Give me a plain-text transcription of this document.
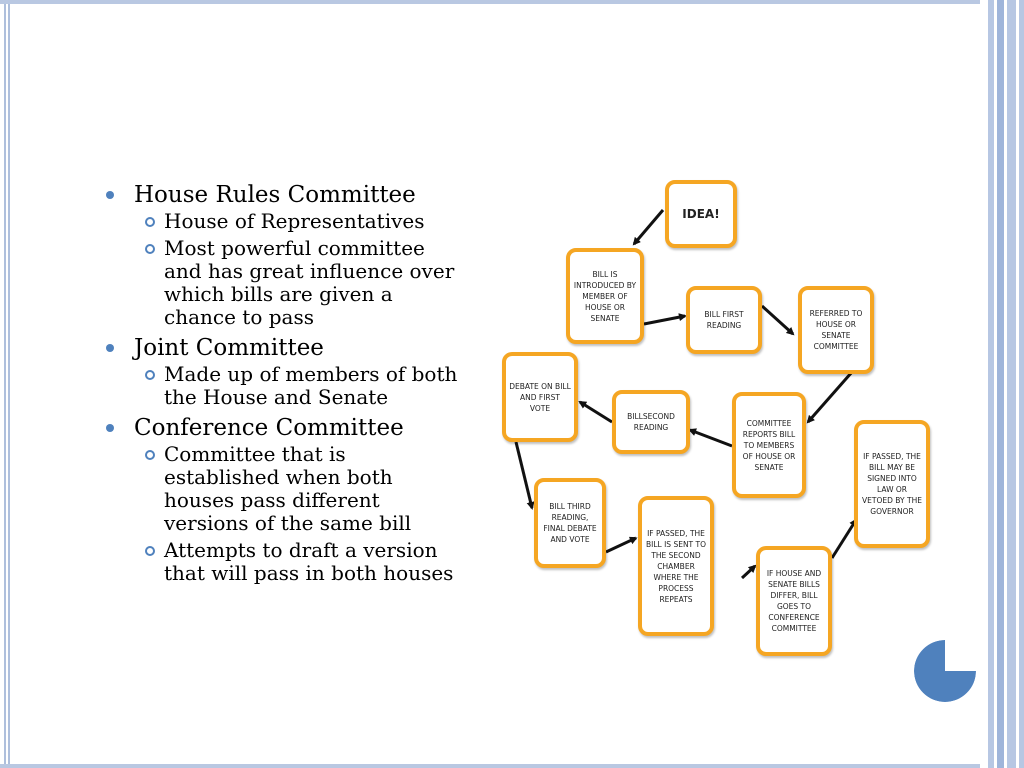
House Rules Committee
House of Representatives
Most powerful committee and has great influence over which bills are given a chance to pass
Joint Committee
Made up of members of both the House and Senate
Conference Committee
Committee that is established when both houses pass different versions of the same bill
Attempts to draft a version that will pass in both houses
IDEA!
BILL IS INTRODUCED BY MEMBER OF HOUSE OR SENATE	BILL FIRST READING
REFERRED TO HOUSE OR SENATE COMMITTEE
COMMITTEE REPORTS BILL TO MEMBERS OF HOUSE OR SENATE
BILLSECOND READING
DEBATE ON BILL AND FIRST VOTE
BILL THIRD READING, FINAL DEBATE AND VOTE
IF PASSED, THE BILL IS SENT TO THE SECOND CHAMBER WHERE THE PROCESS REPEATS
IF HOUSE AND SENATE BILLS DIFFER, BILL GOES TO CONFERENCE COMMITTEE
IF PASSED, THE BILL MAY BE SIGNED INTO LAW OR VETOED BY THE GOVERNOR
